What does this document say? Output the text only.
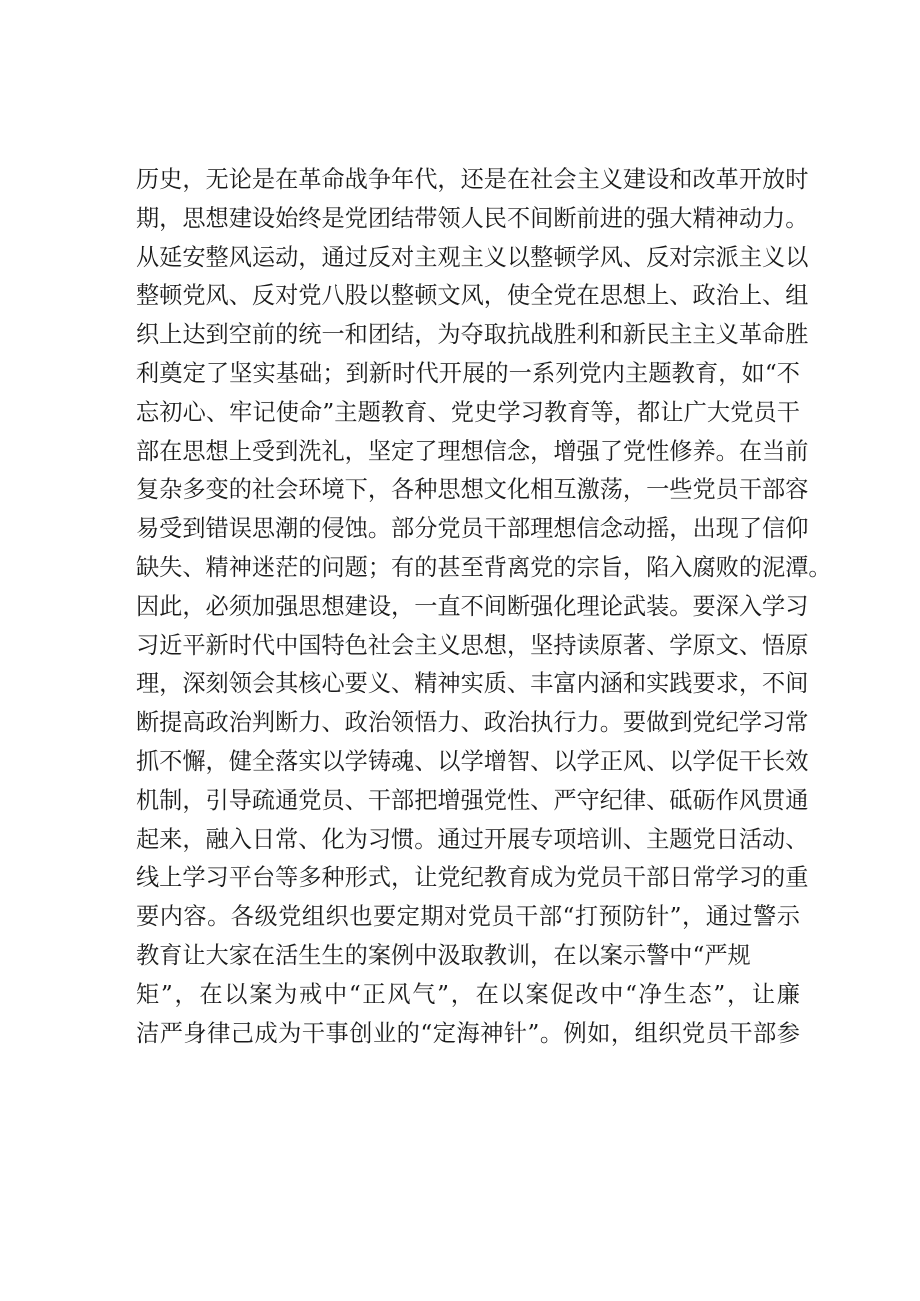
历史，无论是在革命战争年代，还是在社会主义建设和改革开放时
期，思想建设始终是党团结带领人民不间断前进的强大精神动力。
从延安整风运动，通过反对主观主义以整顿学风、反对宗派主义以
整顿党风、反对党八股以整顿文风，使全党在思想上、政治上、组
织上达到空前的统一和团结，为夺取抗战胜利和新民主主义革命胜
利奠定了坚实基础；到新时代开展的一系列党内主题教育，如“不
忘初心、牢记使命”主题教育、党史学习教育等，都让广大党员干
部在思想上受到洗礼，坚定了理想信念，增强了党性修养。在当前
复杂多变的社会环境下，各种思想文化相互激荡，一些党员干部容
易受到错误思潮的侵蚀。部分党员干部理想信念动摇，出现了信仰
缺失、精神迷茫的问题；有的甚至背离党的宗旨，陷入腐败的泥潭。
因此，必须加强思想建设，一直不间断强化理论武装。要深入学习
习近平新时代中国特色社会主义思想，坚持读原著、学原文、悟原
理，深刻领会其核心要义、精神实质、丰富内涵和实践要求，不间
断提高政治判断力、政治领悟力、政治执行力。要做到党纪学习常
抓不懈，健全落实以学铸魂、以学增智、以学正风、以学促干长效
机制，引导疏通党员、干部把增强党性、严守纪律、砥砺作风贯通
起来，融入日常、化为习惯。通过开展专项培训、主题党日活动、
线上学习平台等多种形式，让党纪教育成为党员干部日常学习的重
要内容。各级党组织也要定期对党员干部“打预防针”，通过警示
教育让大家在活生生的案例中汲取教训，在以案示警中“严规
矩”，在以案为戒中“正风气”，在以案促改中“净生态”，让廉
洁严身律己成为干事创业的“定海神针”。例如，组织党员干部参
